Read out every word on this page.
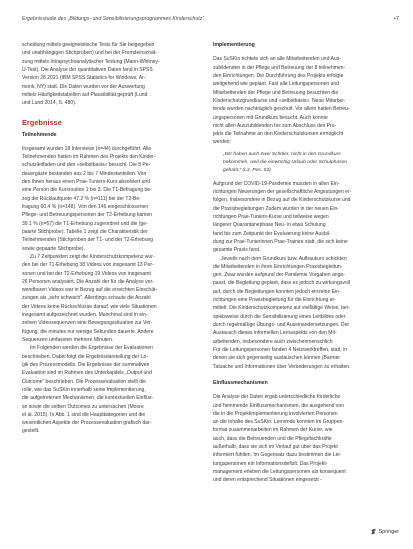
Ergebnisstudie des „Bildungs- und Sensibilisierungsprogrammes Kinderschutz“	•7

scheidung mittels geeignetstische Tests für Sie beigegeben

und unabhängigen Stichproben) und bei der Fremdeinschät-

zung mittels Intrapsychoanalytischer Testung (Mann-Whitney-

U-Test). Die Analyse der quantitativen Daten fand in SPSS

Version 28 2021 (IBM SPSS Statistics for Windows, Ar-

monk, NY) statt. Die Daten wurden vor der Auswertung

mittels Häufigkeitstabellen auf Plausibilität geprüft (Lund

und Lund 2014, S. 480).

Ergebnisse
Teilnehmende

Insgesamt wurden 18 Interviews (n=44) durchgeführt. Alle

Teilnehmenden hatten im Rahmen des Projekts den Kinder-

schutzleitfaden und den »selbstbasis« besucht. Die 8 Pe-

dauergäste bestanden aus 2 bis 7 Mindestanteilen. Von

den ihnen heraus einen Prae-Tuniers-Kurs absolviert und

eine Person die Kursroutine 1 bis 3. Die T1-Befragung be-

zog die Rücklaufquote 47.2 % (n=111) bei der T2-Be-

fragung 60.4 % (n=148). Von den 146 eingeschlossenen

Pflege- und Betreuungspersonen der T2-Erhebung kamen

39.1 % (n=57) die T1-Erhebung zugeordnet und die (ge-

paarte Stichprobe). Tabelle 1 zeigt die Charakteristik der

Teilnehmenden (Stichproben der T1- und der T2-Erhebung

sowie gepaarte Stichprobe).

Zu 7 Zeitpunkten zeigt die Kinderschutzkompetenz wur-

den bei der T1-Erhebung 38 Videos von insgesamt 13 Per-

sonen und bei der T2-Erhebung 19 Videos von insgesamt

26 Personen analysiert. Die Anzahl der für die Analyse ver-

wendbaren Videos war in Bezug auf die erreichten Einschät-

zungen als „sehr schwach“. Allerdings schaute die Anzahl

der Videos keine Rückschlüsse darauf, wie viele Situationen

insgesamt aufgezeichnet wurden. Manchmal sind in ein-

zelnen Videosequenzen eine Bewegungssituation zur Ver-

fügung, die minutes nur wenige Sekunden dauerte. Andere

Sequenzen umfassten mehrere Minuten.

Im Folgenden werden die Ergebnisse der Evaluationen

beschrieben. Dabei folgt die Ergebnisdarstellung der Lo-

gik des Prozessmodells. Die Ergebnisse der summativen

Evaluation sind im Rahmen des Unterkapitels „Output und

Outcome“ beschrieben. Die Prozessevaluation stellt die

rolle, wie das SuSKin innerhalb seine Implementierung,

die aufgetretenen Mechanismen, die kontextuellen Einflüs-

se sowie die selben Outcomes zu untersuchen (Moore

et al. 2015). In Abb. 1 sind die Hauptkategorien und die

wesentlichen Aspekte der Prozessevaluation grafisch dar-

gestellt.

Implementierung

Das SuSKin richtete sich an alle Mitarbeitenden und Aus-

zubildenden in der Pflege und Betreuung der 8 teilnehmen-

den Einrichtungen. Die Durchführung des Projekts erfolgte

weitgehend wie geplant. Fast alle Leitungspersonen und

Mitarbeitenden der Pflege und Betreuung besuchten die

Kinderschutzgrundkurse und »selbstbasis«. Neue Mitarbei-

tende wurden nachträglich geschult. Vor allem hatten Betreu-

ungspersonen mit Grundkurs besucht. Auch konnte

nicht allen Auszubildenden bis zum Abschluss des Pro-

jekts die Teilnahme an den Kinderschutzkursen ermöglicht

werden:

„Wir haben auch zwei Schüler, nicht in den Grundkurs

bekommen, weil die einwöchig Urlaub oder Schulphasen

gehabt.“ (L3, Pos. 53)

Aufgrund der COVID-19-Pandemie mussten in allen Ein-

richtungen Neuerungen der gesellschaftliche Angestungen er-

folgen. Insbesondere in Bezug auf die Kinderschutzkurse und

die Praxisbegleitungen Zudem wurden in der neuen Ein-

richtungen Prae-Tuniers-Kurse und teilweise wegen

längerer Quarantänephase Neu- in etwa Schulung

fand bis zum Zeitpunkt der Evaluierung keine Ausbil-

dung zur Prae-Tunierinnen Prae-Trainee statt, die sich keine

gesamte Praxis fand.

Jeweils nach dem Grundkurs bzw. Aufbaukurs schickten

die Mitarbeitenden in ihren Einrichtungen Praxisbegleitun-

gen. Zwar wurden aufgrund der Pandemie Vorgaben ange-

passt, die Begleitung geplant, dass es jedoch zu wirkungsvoll

auf, durch die Begleitungen konnten jedoch einzelne Ein-

richtungen eine Praxisbegleitung für die Einrichtung er-

mittelt. Die Kinderschutzkompetenz auf vielfältige Weise, bei-

spielsweise durch die Sensibilisierung eines Leitbildes oder

durch regelmäßige Übungs- und Auseinandersetzungen. Der

Austausch dieses informellen Lernaspekts von den Mit-

arbeitenden, insbesondere auch zwischenmenschlich

Für die Leitungspersonen fanden 4 Netzwerktreffen, statt, in

denen sie sich gegenseitig austauschen können (Barmer

Tatsache und Informationen über Veränderungen zu erhalten.

Einflussmechanismen

Die Analyse der Daten ergab unterschiedliche förderliche

und hemmende Einflussmechanismen, die ausgehend von

die in die Projektimplementierung involvierten Personen

an die Inhalte des SuSKin. Lernende konnten im Gruppen-

format zusammenarbeiten im Rahmen der Kurse, wie

auch, dass die Betreuenden und die Pflegefachkräfte

außerhalb, dass sie sich im Verlauf gut über das Projekt

informiert fühlten. Im Gegensatz dazu bestimmen die Lei-

tungspersonen ein Informationsdefizit. Das Projekt-

management erleben die Leitungspersonen als konsequent

und deren entsprechend Situationen eingesetzt -

Springer
